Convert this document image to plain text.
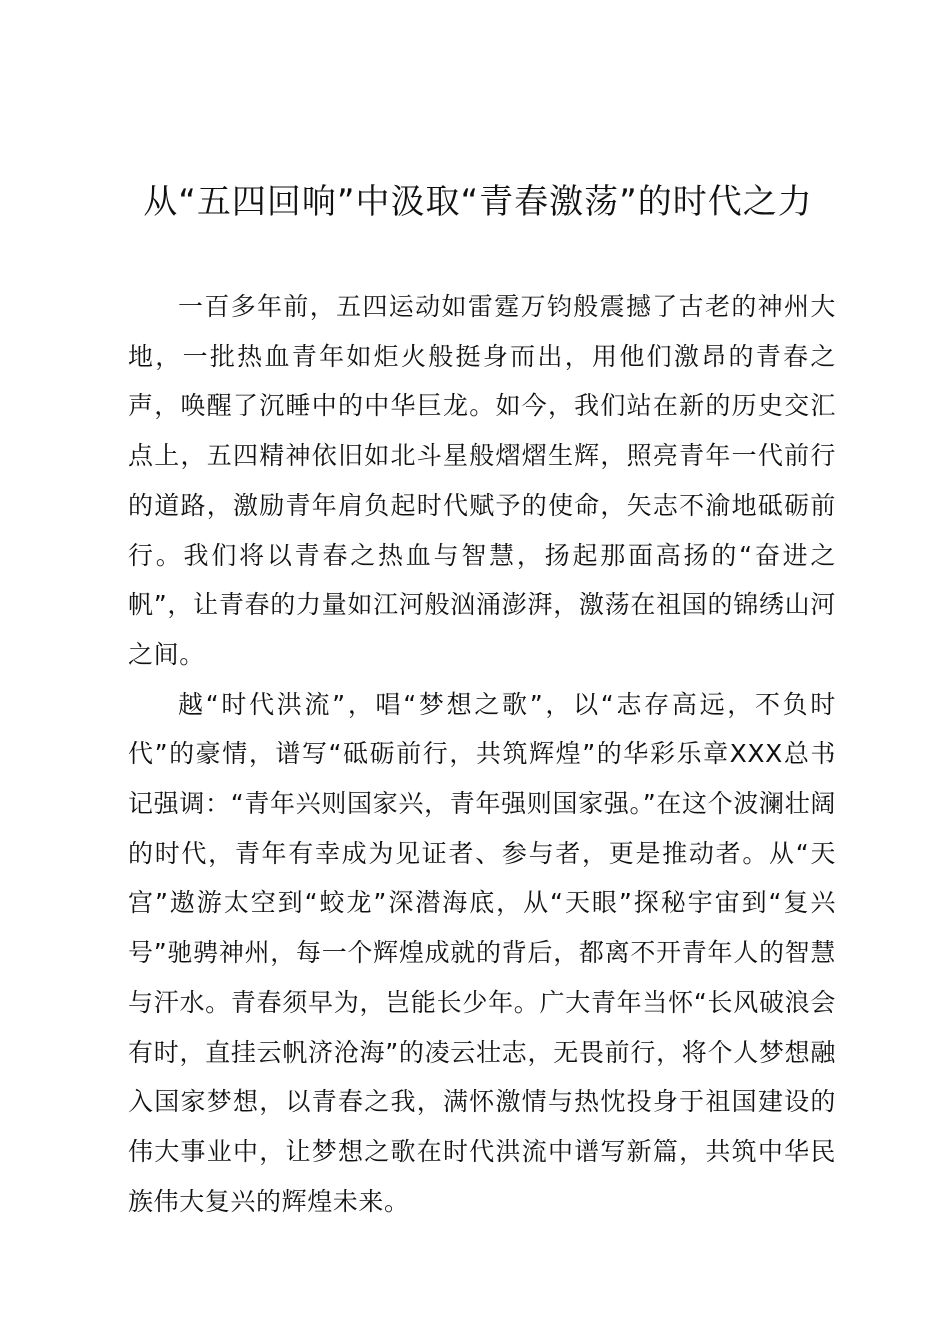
从“五四回响”中汲取“青春激荡”的时代之力

一百多年前，五四运动如雷霆万钧般震撼了古老的神州大地，一批热血青年如炬火般挺身而出，用他们激昂的青春之声，唤醒了沉睡中的中华巨龙。如今，我们站在新的历史交汇点上，五四精神依旧如北斗星般熠熠生辉，照亮青年一代前行的道路，激励青年肩负起时代赋予的使命，矢志不渝地砥砺前行。我们将以青春之热血与智慧，扬起那面高扬的“奋进之帆”，让青春的力量如江河般汹涌澎湃，激荡在祖国的锦绣山河之间。

越“时代洪流”，唱“梦想之歌”，以“志存高远，不负时代”的豪情，谱写“砥砺前行，共筑辉煌”的华彩乐章XXX总书记强调：“青年兴则国家兴，青年强则国家强。”在这个波澜壮阔的时代，青年有幸成为见证者、参与者，更是推动者。从“天宫”遨游太空到“蛟龙”深潜海底，从“天眼”探秘宇宙到“复兴号”驰骋神州，每一个辉煌成就的背后，都离不开青年人的智慧与汗水。青春须早为，岂能长少年。广大青年当怀“长风破浪会有时，直挂云帆济沧海”的凌云壮志，无畏前行，将个人梦想融入国家梦想，以青春之我，满怀激情与热忱投身于祖国建设的伟大事业中，让梦想之歌在时代洪流中谱写新篇，共筑中华民族伟大复兴的辉煌未来。
